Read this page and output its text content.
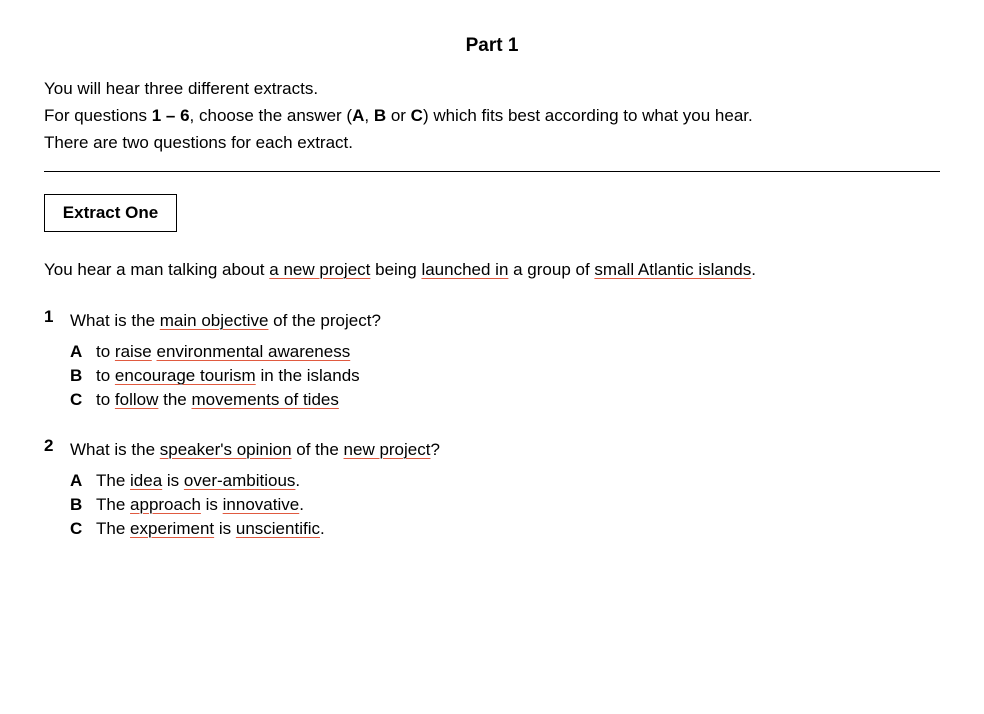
Part 1
You will hear three different extracts.
For questions 1 – 6, choose the answer (A, B or C) which fits best according to what you hear.
There are two questions for each extract.
Extract One
You hear a man talking about a new project being launched in a group of small Atlantic islands.
1 What is the main objective of the project?
A to raise environmental awareness
B to encourage tourism in the islands
C to follow the movements of tides
2 What is the speaker's opinion of the new project?
A The idea is over-ambitious.
B The approach is innovative.
C The experiment is unscientific.
